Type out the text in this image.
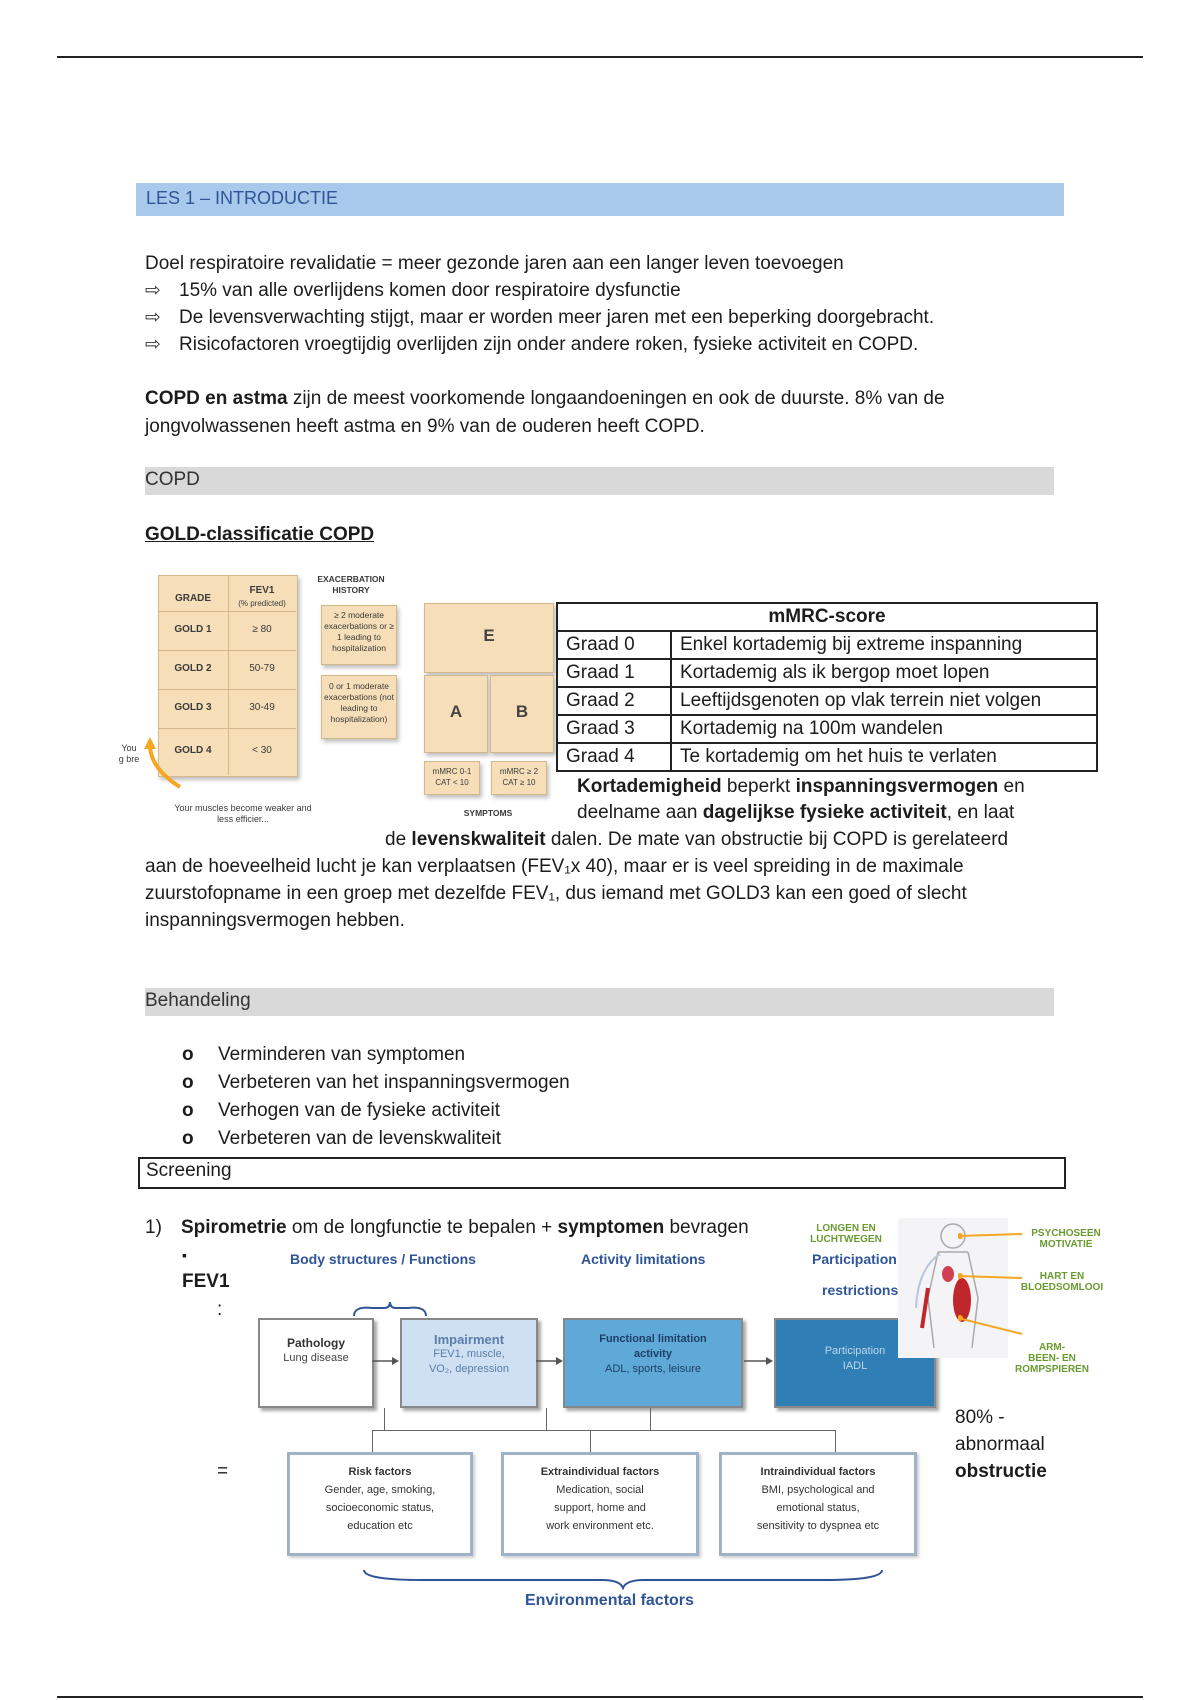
LES 1 – INTRODUCTIE
Doel respiratoire revalidatie = meer gezonde jaren aan een langer leven toevoegen
⇨ 15% van alle overlijdens komen door respiratoire dysfunctie
⇨ De levensverwachting stijgt, maar er worden meer jaren met een beperking doorgebracht.
⇨ Risicofactoren vroegtijdig overlijden zijn onder andere roken, fysieke activiteit en COPD.
COPD en astma zijn de meest voorkomende longaandoeningen en ook de duurste. 8% van de
jongvolwassenen heeft astma en 9% van de ouderen heeft COPD.
COPD
GOLD-classificatie COPD
GRADE
FEV1
(% predicted)
GOLD 1	≥ 80
GOLD 2	50-79
GOLD 3	30-49
GOLD 4	< 30
You g bre
Your muscles become weaker and less efficier...
EXACERBATION HISTORY
≥ 2 moderate exacerbations or ≥ 1 leading to hospitalization
0 or 1 moderate exacerbations (not leading to hospitalization)
E
A	B
mMRC 0-1 CAT < 10
mMRC ≥ 2 CAT ≥ 10
SYMPTOMS
mMRC-score	
Graad 0	Enkel kortademig bij extreme inspanning
Graad 1	Kortademig als ik bergop moet lopen
Graad 2	Leeftijdsgenoten op vlak terrein niet volgen
Graad 3	Kortademig na 100m wandelen
Graad 4	Te kortademig om het huis te verlaten
Kortademigheid beperkt inspanningsvermogen en
deelname aan dagelijkse fysieke activiteit, en laat
de levenskwaliteit dalen. De mate van obstructie bij COPD is gerelateerd
aan de hoeveelheid lucht je kan verplaatsen (FEV₁x 40), maar er is veel spreiding in de maximale
zuurstofopname in een groep met dezelfde FEV₁, dus iemand met GOLD3 kan een goed of slecht
inspanningsvermogen hebben.
Behandeling
o Verminderen van symptomen
o Verbeteren van het inspanningsvermogen
o Verhogen van de fysieke activiteit
o Verbeteren van de levenskwaliteit
Screening
1) Spirometrie om de longfunctie te bepalen + symptomen bevragen
▪
FEV1
:
=
80% -
abnormaal
obstructie
Body structures / Functions	Activity limitations	Participation
restrictions
Pathology
Lung disease
Impairment
FEV1, muscle,
VO₂, depression
Functional limitation
activity
ADL, sports, leisure
Participation
IADL
Risk factors
Gender, age, smoking,
socioeconomic status,
education etc
Extraindividual factors
Medication, social
support, home and
work environment etc.
Intraindividual factors
BMI, psychological and
emotional status,
sensitivity to dyspnea etc
Environmental factors
LONGEN EN
LUCHTWEGEN
PSYCHOSEEN
MOTIVATIE
HART EN
BLOEDSOMLOOI
ARM-
BEEN- EN
ROMPSPIEREN
